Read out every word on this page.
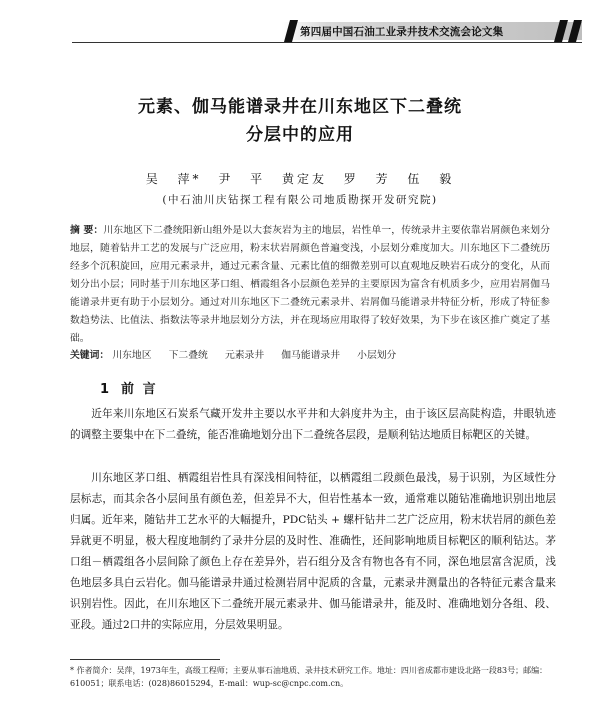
第四届中国石油工业录井技术交流会论文集
元素、伽马能谱录井在川东地区下二叠统
分层中的应用
吴 萍* 尹 平 黄定友 罗 芳 伍 毅
(中石油川庆钻探工程有限公司地质勘探开发研究院)
摘 要：川东地区下二叠统阳新山组外是以大套灰岩为主的地层，岩性单一，传统录井主要依靠岩屑颜色来划分地层，随着钻井工艺的发展与广泛应用，粉末状岩屑颜色普遍变浅，小层划分难度加大。川东地区下二叠统历经多个沉积旋回，应用元素录井，通过元素含量、元素比值的细微差别可以直观地反映岩石成分的变化，从而划分出小层；同时基于川东地区茅口组、栖霞组各小层颜色差异的主要原因为富含有机质多少，应用岩屑伽马能谱录井更有助于小层划分。通过对川东地区下二叠统元素录井、岩屑伽马能谱录井特征分析，形成了特征参数趋势法、比值法、指数法等录井地层划分方法，并在现场应用取得了较好效果，为下步在该区推广奠定了基础。
关键词： 川东地区 下二叠统 元素录井 伽马能谱录井 小层划分
1 前 言

近年来川东地区石炭系气藏开发井主要以水平井和大斜度井为主，由于该区层高陡构造，井眼轨迹的调整主要集中在下二叠统，能否准确地划分出下二叠统各层段，是顺利钻达地质目标靶区的关键。

川东地区茅口组、栖霞组岩性具有深浅相间特征，以栖霞组二段颜色最浅，易于识别，为区域性分层标志，而其余各小层间虽有颜色差，但差异不大，但岩性基本一致，通常难以随钻准确地识别出地层归属。近年来，随钻井工艺水平的大幅提升，PDC钻头 + 螺杆钻井二艺广泛应用，粉末状岩屑的颜色差异就更不明显，极大程度地制约了录井分层的及时性、准确性，还间影响地质目标靶区的顺利钻达。茅口组－栖霞组各小层间除了颜色上存在差异外，岩石组分及含有物也各有不同，深色地层富含泥质，浅色地层多具白云岩化。伽马能谱录井通过检测岩屑中泥质的含量，元素录井测量出的各特征元素含量来识别岩性。因此，在川东地区下二叠统开展元素录井、伽马能谱录井，能及时、准确地划分各组、段、亚段。通过2口井的实际应用，分层效果明显。

* 作者简介：吴萍，1973年生，高级工程师；主要从事石油地质、录井技术研究工作。地址：四川省成都市建设北路一段83号；邮编：610051；联系电话：(028)86015294，E-mail：wup-sc@cnpc.com.cn。
